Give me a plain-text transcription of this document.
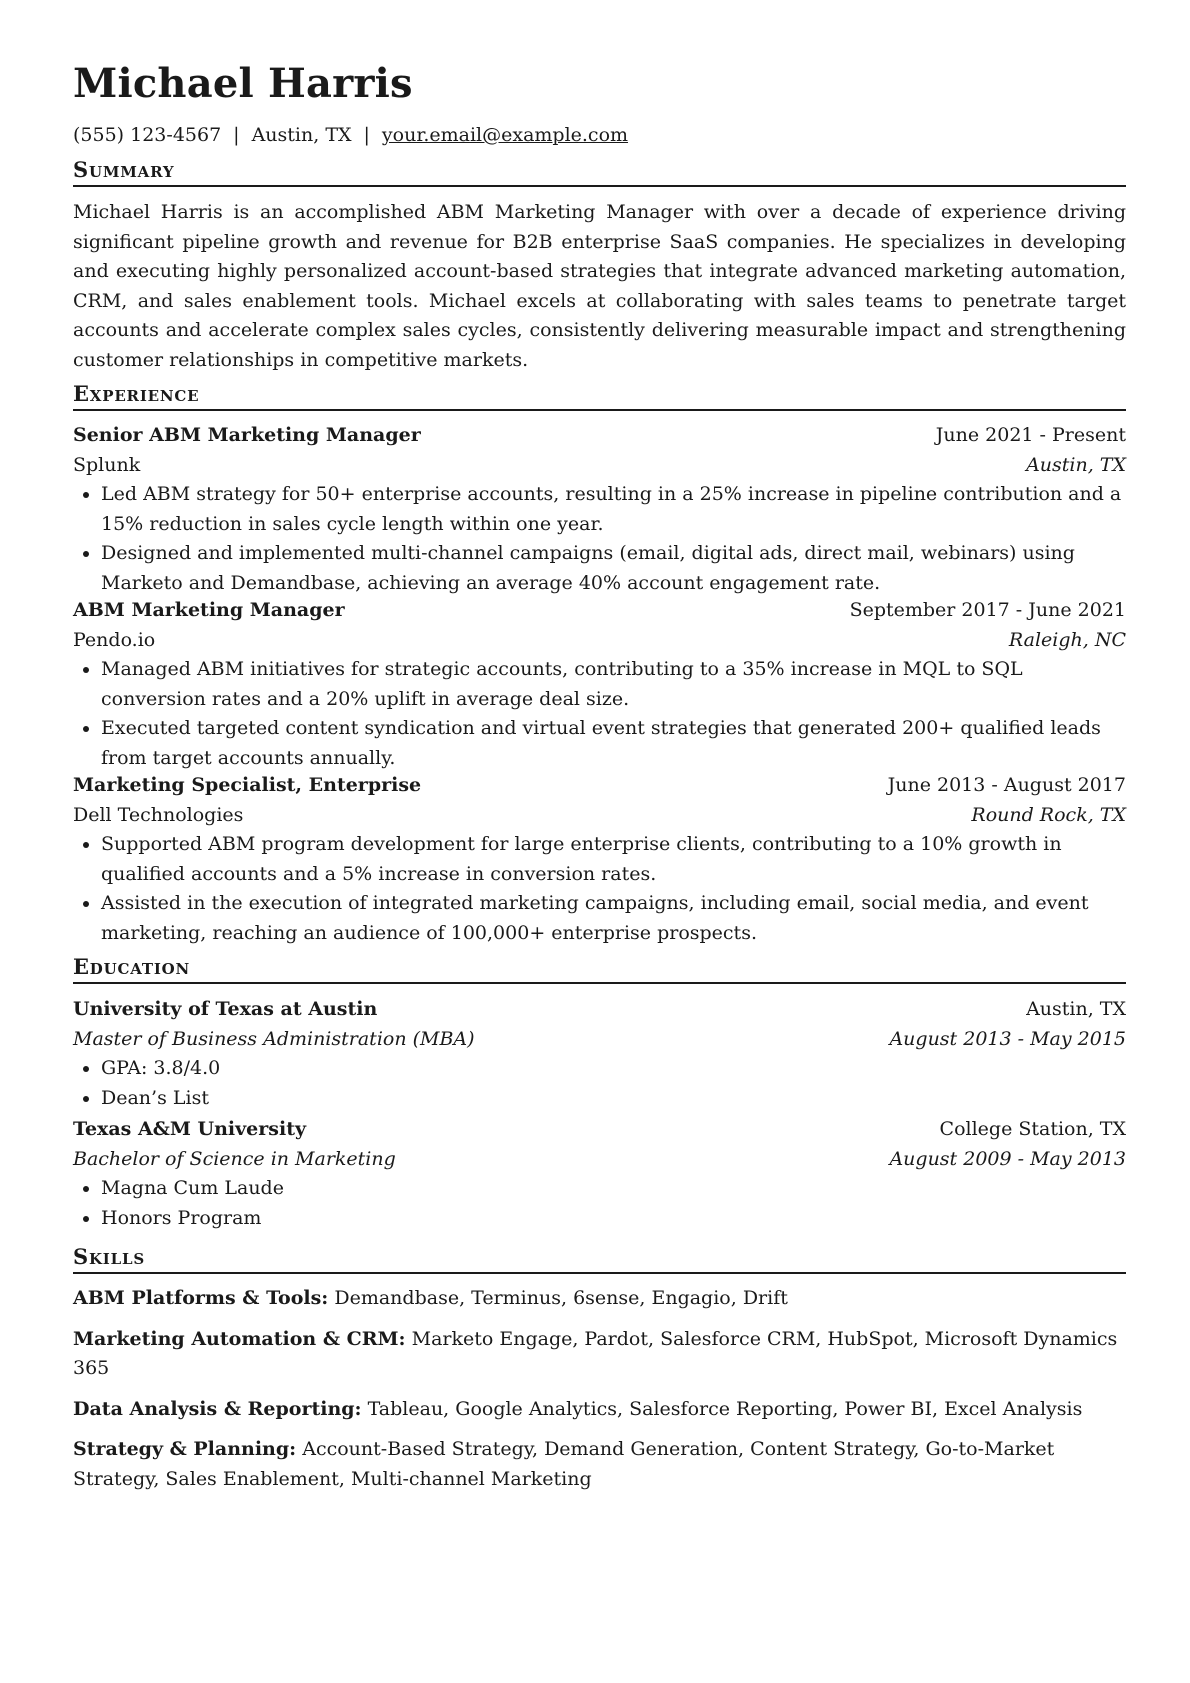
Michael Harris
(555) 123-4567 | Austin, TX | your.email@example.com
Summary
Michael Harris is an accomplished ABM Marketing Manager with over a decade of experience driving significant pipeline growth and revenue for B2B enterprise SaaS companies. He specializes in developing and executing highly personalized account-based strategies that integrate advanced marketing automation, CRM, and sales enablement tools. Michael excels at collaborating with sales teams to penetrate target accounts and accelerate complex sales cycles, consistently delivering measurable impact and strengthening customer relationships in competitive markets.
Experience
Senior ABM Marketing Manager	June 2021 - Present
Splunk	Austin, TX
• Led ABM strategy for 50+ enterprise accounts, resulting in a 25% increase in pipeline contribution and a 15% reduction in sales cycle length within one year.
• Designed and implemented multi-channel campaigns (email, digital ads, direct mail, webinars) using Marketo and Demandbase, achieving an average 40% account engagement rate.
ABM Marketing Manager	September 2017 - June 2021
Pendo.io	Raleigh, NC
• Managed ABM initiatives for strategic accounts, contributing to a 35% increase in MQL to SQL conversion rates and a 20% uplift in average deal size.
• Executed targeted content syndication and virtual event strategies that generated 200+ qualified leads from target accounts annually.
Marketing Specialist, Enterprise	June 2013 - August 2017
Dell Technologies	Round Rock, TX
• Supported ABM program development for large enterprise clients, contributing to a 10% growth in qualified accounts and a 5% increase in conversion rates.
• Assisted in the execution of integrated marketing campaigns, including email, social media, and event marketing, reaching an audience of 100,000+ enterprise prospects.
Education
University of Texas at Austin	Austin, TX
Master of Business Administration (MBA)	August 2013 - May 2015
• GPA: 3.8/4.0
• Dean’s List
Texas A&M University	College Station, TX
Bachelor of Science in Marketing	August 2009 - May 2013
• Magna Cum Laude
• Honors Program
Skills
ABM Platforms & Tools: Demandbase, Terminus, 6sense, Engagio, Drift
Marketing Automation & CRM: Marketo Engage, Pardot, Salesforce CRM, HubSpot, Microsoft Dynamics 365
Data Analysis & Reporting: Tableau, Google Analytics, Salesforce Reporting, Power BI, Excel Analysis
Strategy & Planning: Account-Based Strategy, Demand Generation, Content Strategy, Go-to-Market Strategy, Sales Enablement, Multi-channel Marketing
